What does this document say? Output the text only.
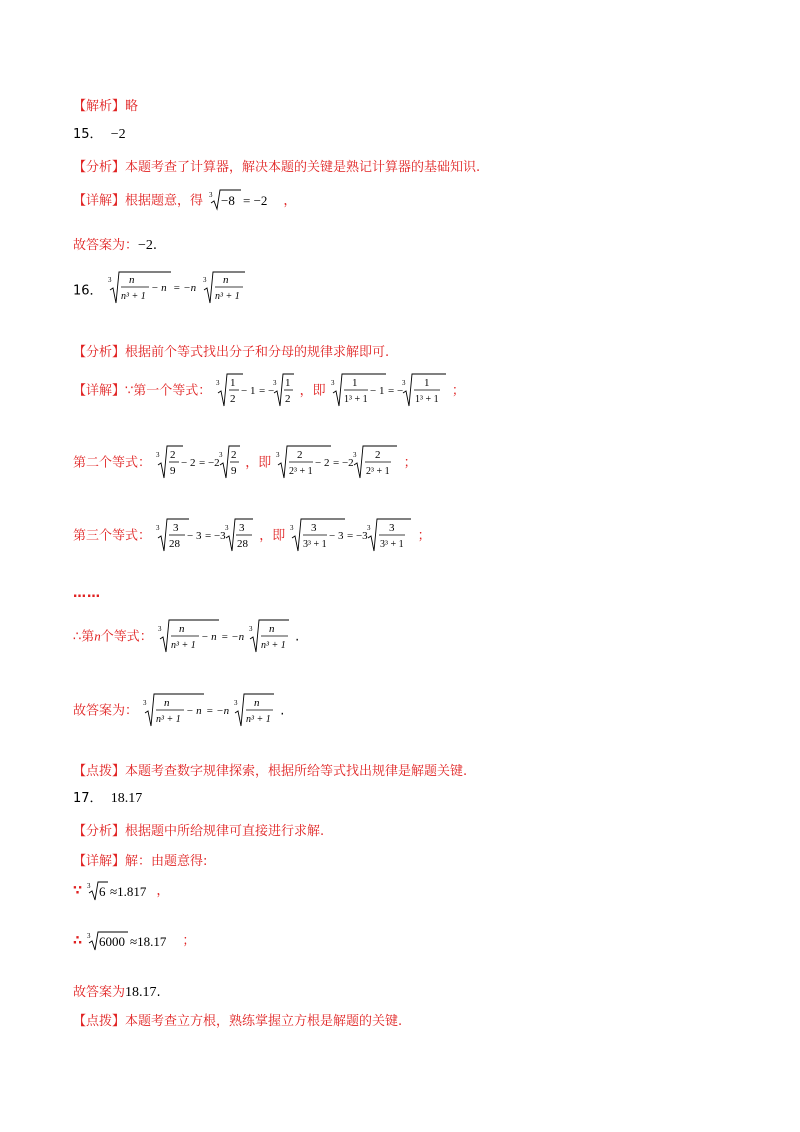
【解析】略
15． −2
【分析】本题考查了计算器，解决本题的关键是熟记计算器的基础知识.
【详解】根据题意，得 3 −8 = −2 ，
故答案为：−2.
16．
3 n
n³ + 1
− n = −n
3 n
n³ + 1
【分析】根据前个等式找出分子和分母的规律求解即可.
【详解】∵第一个等式：
3 1
2
− 1 = −
3 1
2
，即
3 1
1³ + 1
− 1 = −
3 1
1³ + 1
；
第二个等式：
3 2
9
− 2 = −2
3 2
9
，即
3 2
2³ + 1
− 2 = −2
3 2
2³ + 1
；
第三个等式：
3 3
28
− 3 = −3
3 3
28
，即
3 3
3³ + 1
− 3 = −3
3 3
3³ + 1
；
……
∴第n个等式：
3 n
n³ + 1
− n = −n
3 n
n³ + 1
.
故答案为：
3 n
n³ + 1
− n = −n
3 n
n³ + 1
.
【点拨】本题考查数字规律探索，根据所给等式找出规律是解题关键.
17． 18.17
【分析】根据题中所给规律可直接进行求解.
【详解】解：由题意得:
∵ 3 6 ≈1.817 ，
∴ 3 6000 ≈18.17 ；
故答案为18.17.
【点拨】本题考查立方根，熟练掌握立方根是解题的关键.
